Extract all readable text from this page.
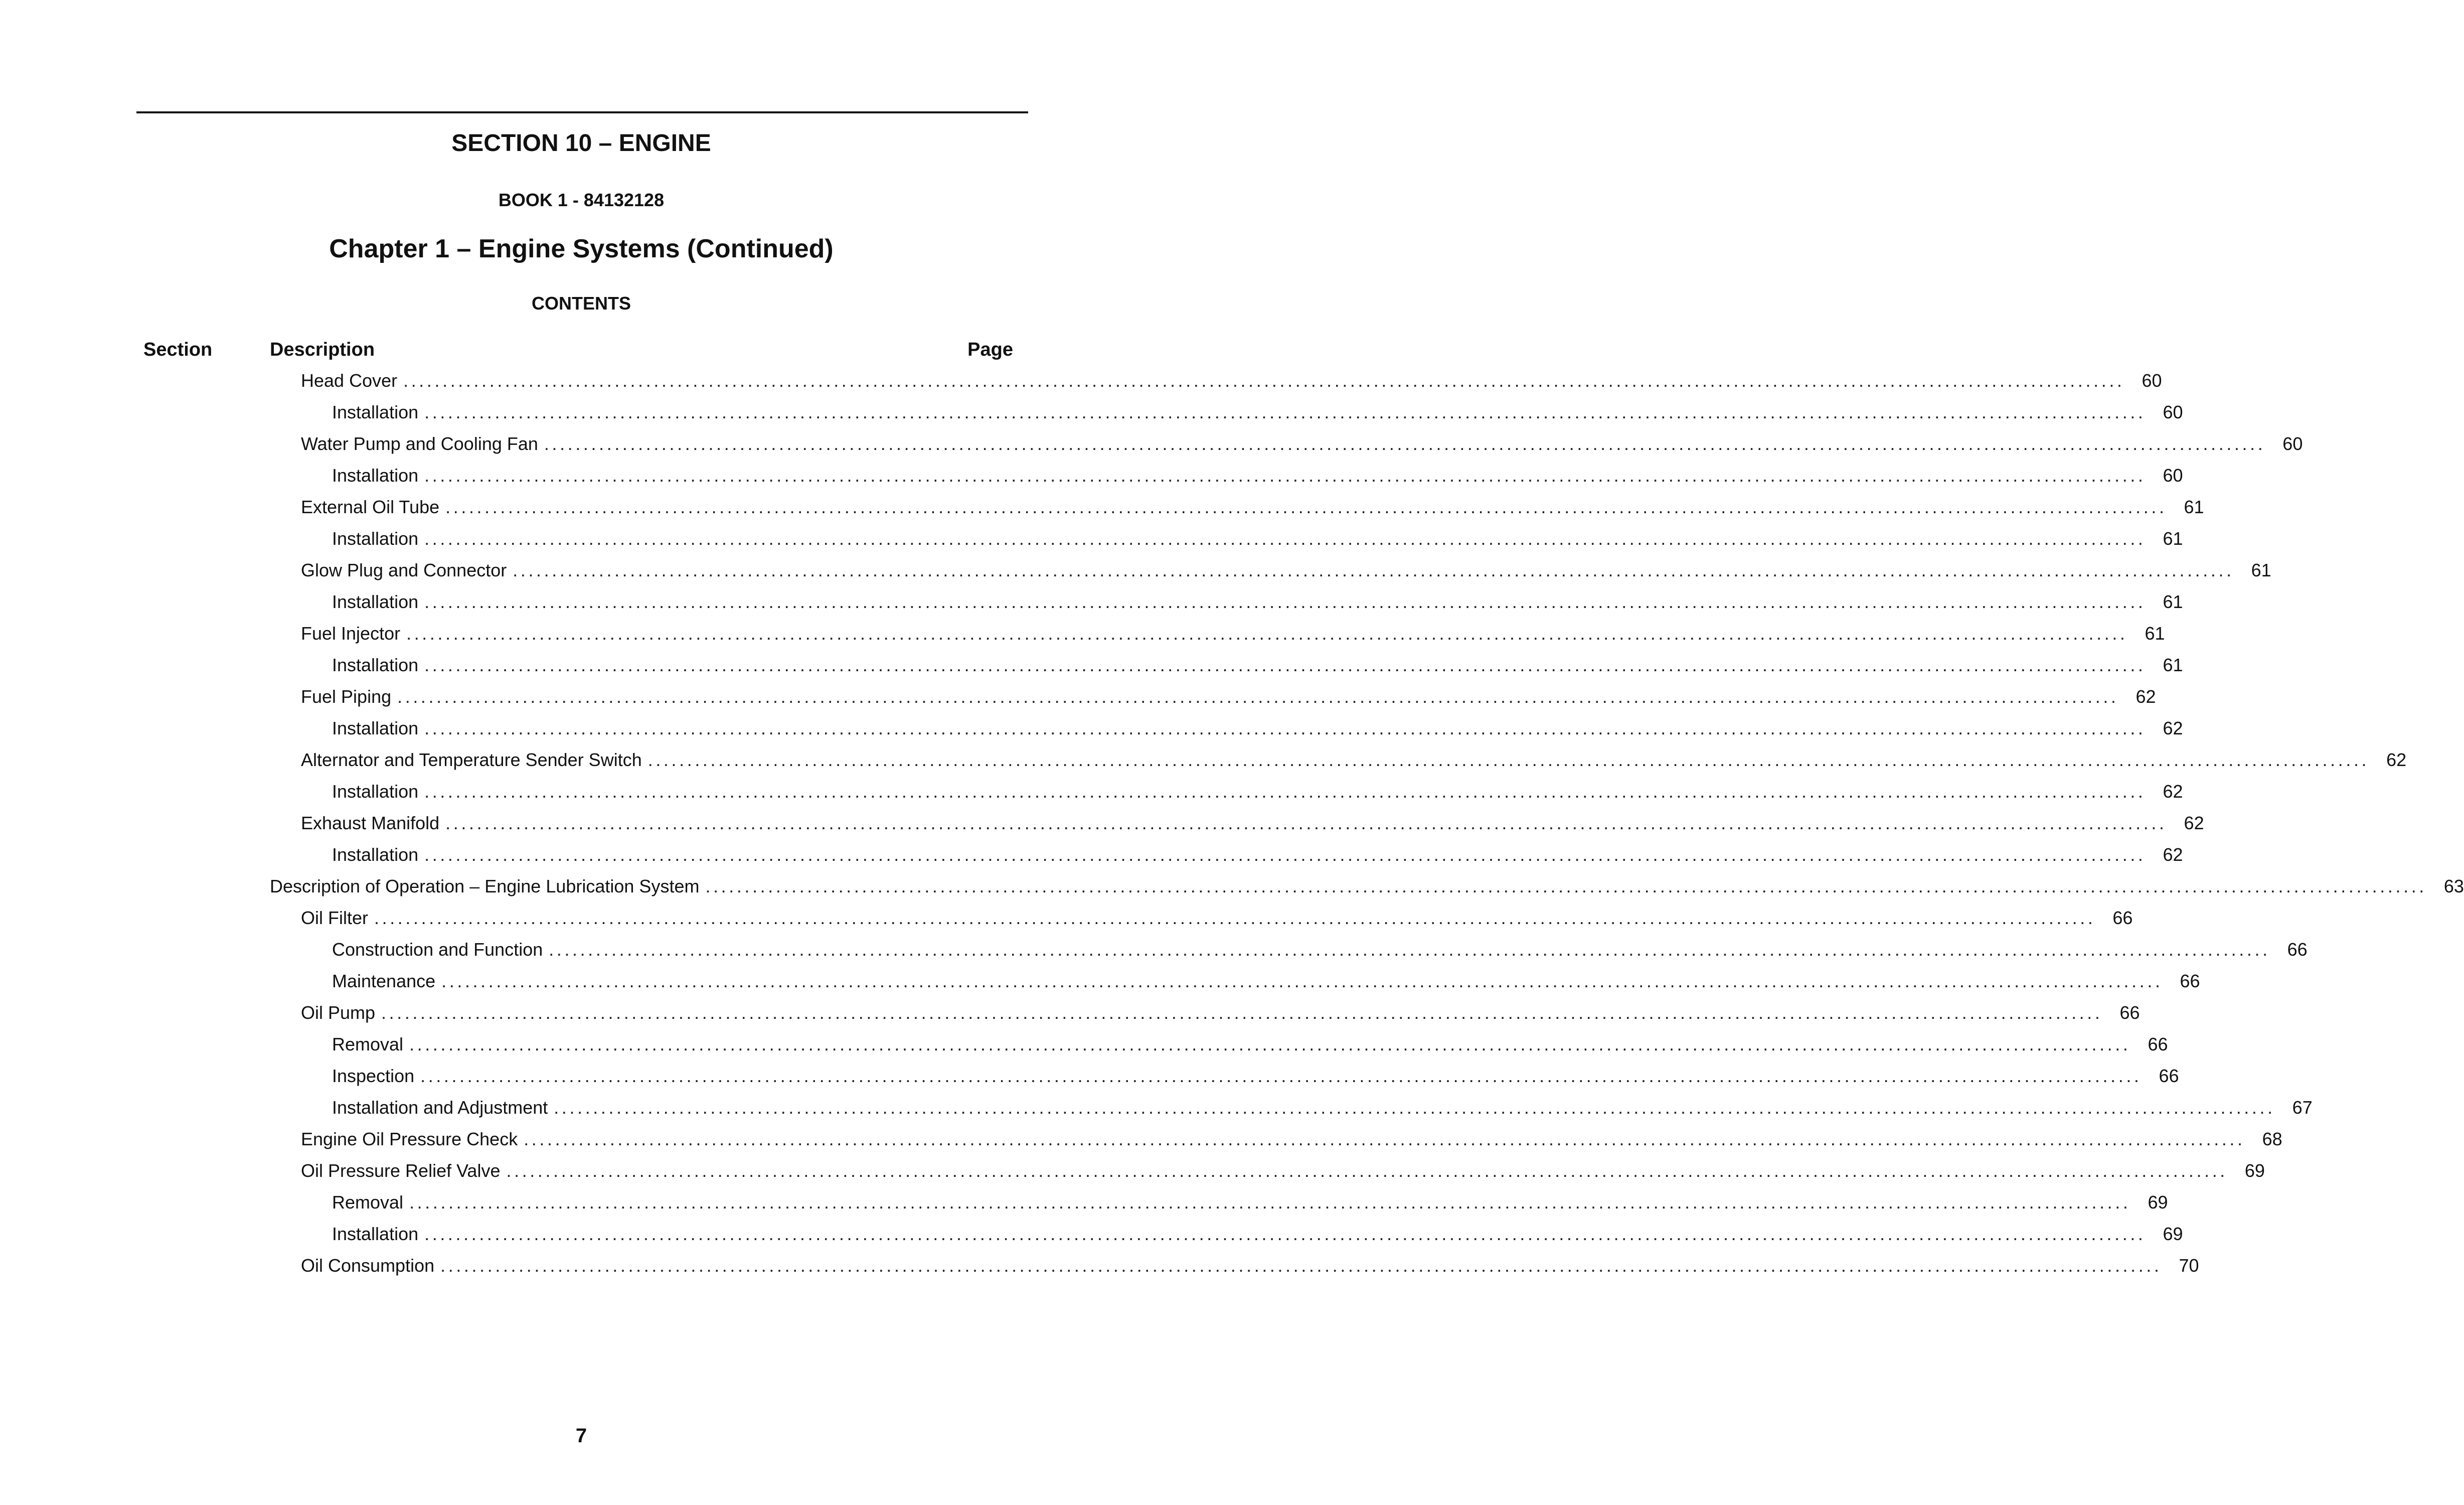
SECTION 10 – ENGINE
BOOK 1 - 84132128
Chapter 1 – Engine Systems (Continued)
CONTENTS
Section	Description	Page
Head Cover ............................................................................................................................................................................................................................ 60
Installation ............................................................................................................................................................................................................................ 60
Water Pump and Cooling Fan ............................................................................................................................................................................................................................ 60
Installation ............................................................................................................................................................................................................................ 60
External Oil Tube ............................................................................................................................................................................................................................ 61
Installation ............................................................................................................................................................................................................................ 61
Glow Plug and Connector ............................................................................................................................................................................................................................ 61
Installation ............................................................................................................................................................................................................................ 61
Fuel Injector ............................................................................................................................................................................................................................ 61
Installation ............................................................................................................................................................................................................................ 61
Fuel Piping ............................................................................................................................................................................................................................ 62
Installation ............................................................................................................................................................................................................................ 62
Alternator and Temperature Sender Switch ............................................................................................................................................................................................................................ 62
Installation ............................................................................................................................................................................................................................ 62
Exhaust Manifold ............................................................................................................................................................................................................................ 62
Installation ............................................................................................................................................................................................................................ 62
Description of Operation – Engine Lubrication System ............................................................................................................................................................................................................................ 63
Oil Filter ............................................................................................................................................................................................................................ 66
Construction and Function ............................................................................................................................................................................................................................ 66
Maintenance ............................................................................................................................................................................................................................ 66
Oil Pump ............................................................................................................................................................................................................................ 66
Removal ............................................................................................................................................................................................................................ 66
Inspection ............................................................................................................................................................................................................................ 66
Installation and Adjustment ............................................................................................................................................................................................................................ 67
Engine Oil Pressure Check ............................................................................................................................................................................................................................ 68
Oil Pressure Relief Valve ............................................................................................................................................................................................................................ 69
Removal ............................................................................................................................................................................................................................ 69
Installation ............................................................................................................................................................................................................................ 69
Oil Consumption ............................................................................................................................................................................................................................ 70
7
